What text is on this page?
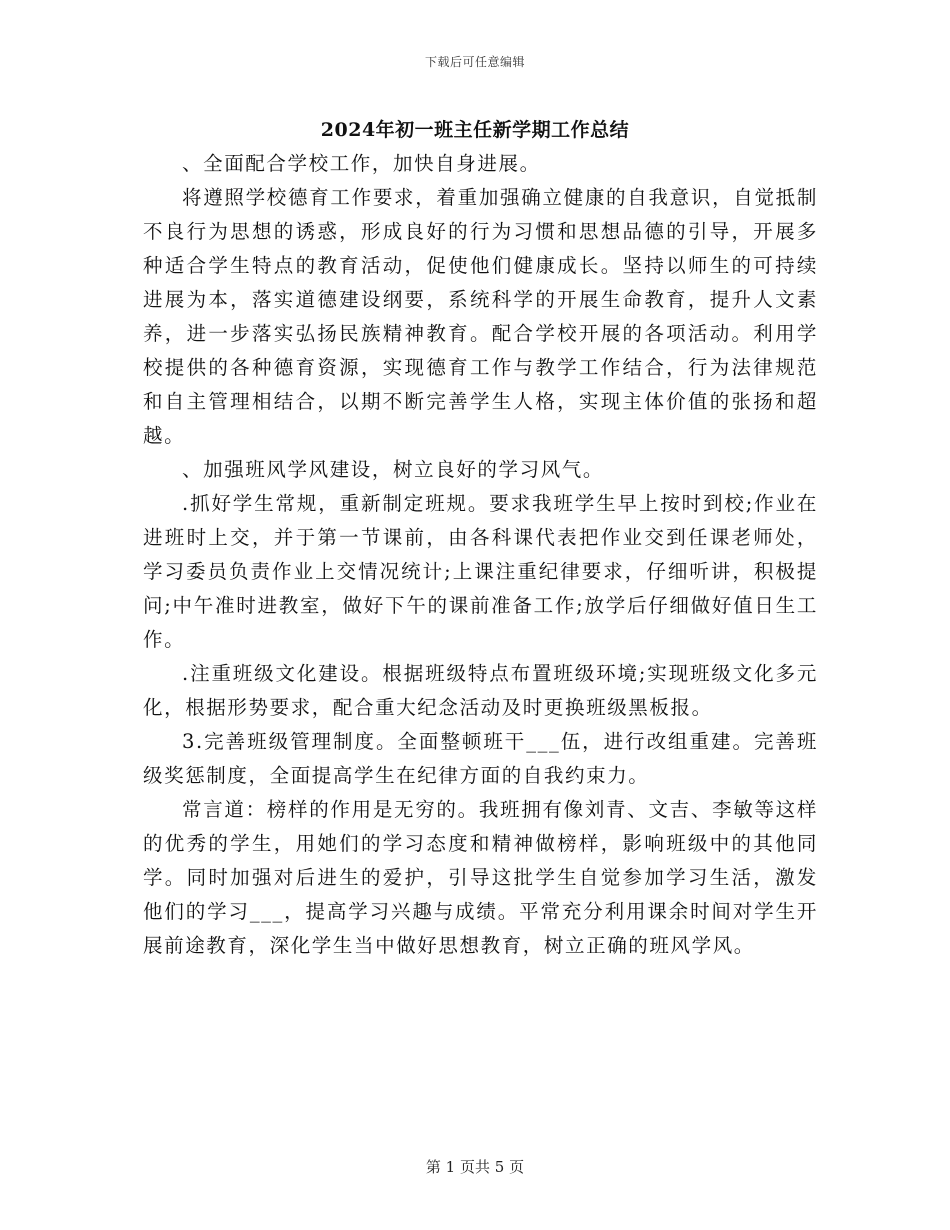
下载后可任意编辑
2024年初一班主任新学期工作总结

、全面配合学校工作，加快自身进展。

将遵照学校德育工作要求，着重加强确立健康的自我意识，自觉抵制不良行为思想的诱惑，形成良好的行为习惯和思想品德的引导，开展多种适合学生特点的教育活动，促使他们健康成长。坚持以师生的可持续进展为本，落实道德建设纲要，系统科学的开展生命教育，提升人文素养，进一步落实弘扬民族精神教育。配合学校开展的各项活动。利用学校提供的各种德育资源，实现德育工作与教学工作结合，行为法律规范和自主管理相结合，以期不断完善学生人格，实现主体价值的张扬和超越。

、加强班风学风建设，树立良好的学习风气。

.抓好学生常规，重新制定班规。要求我班学生早上按时到校;作业在进班时上交，并于第一节课前，由各科课代表把作业交到任课老师处，学习委员负责作业上交情况统计;上课注重纪律要求，仔细听讲，积极提问;中午准时进教室，做好下午的课前准备工作;放学后仔细做好值日生工作。

.注重班级文化建设。根据班级特点布置班级环境;实现班级文化多元化，根据形势要求，配合重大纪念活动及时更换班级黑板报。

3.完善班级管理制度。全面整顿班干___伍，进行改组重建。完善班级奖惩制度，全面提高学生在纪律方面的自我约束力。

常言道：榜样的作用是无穷的。我班拥有像刘青、文吉、李敏等这样的优秀的学生，用她们的学习态度和精神做榜样，影响班级中的其他同学。同时加强对后进生的爱护，引导这批学生自觉参加学习生活，激发他们的学习___，提高学习兴趣与成绩。平常充分利用课余时间对学生开展前途教育，深化学生当中做好思想教育，树立正确的班风学风。

第 1 页共 5 页
